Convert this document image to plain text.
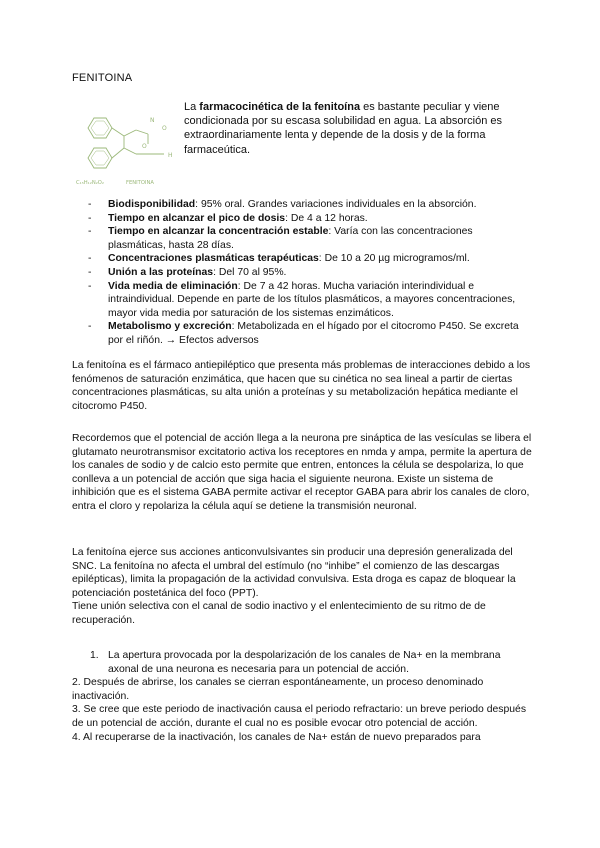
FENITOINA
N
O
H
O
C₁₅H₁₂N₂O₂	FENITOINA
La farmacocinética de la fenitoína es bastante peculiar y viene condicionada por su escasa solubilidad en agua. La absorción es extraordinariamente lenta y depende de la dosis y de la forma farmaceútica.
- Biodisponibilidad: 95% oral. Grandes variaciones individuales en la absorción.
- Tiempo en alcanzar el pico de dosis: De 4 a 12 horas.
- Tiempo en alcanzar la concentración estable: Varía con las concentraciones plasmáticas, hasta 28 días.
- Concentraciones plasmáticas terapéuticas: De 10 a 20 µg microgramos/ml.
- Unión a las proteínas: Del 70 al 95%.
- Vida media de eliminación: De 7 a 42 horas. Mucha variación interindividual e intraindividual. Depende en parte de los títulos plasmáticos, a mayores concentraciones, mayor vida media por saturación de los sistemas enzimáticos.
- Metabolismo y excreción: Metabolizada en el hígado por el citocromo P450. Se excreta por el riñón. → Efectos adversos

La fenitoína es el fármaco antiepiléptico que presenta más problemas de interacciones debido a los fenómenos de saturación enzimática, que hacen que su cinética no sea lineal a partir de ciertas concentraciones plasmáticas, su alta unión a proteínas y su metabolización hepática mediante el citocromo P450.

Recordemos que el potencial de acción llega a la neurona pre sináptica de las vesículas se libera el glutamato neurotransmisor excitatorio activa los receptores en nmda y ampa, permite la apertura de los canales de sodio y de calcio esto permite que entren, entonces la célula se despolariza, lo que conlleva a un potencial de acción que siga hacia el siguiente neurona. Existe un sistema de inhibición que es el sistema GABA permite activar el receptor GABA para abrir los canales de cloro, entra el cloro y repolariza la célula aquí se detiene la transmisión neuronal.

La fenitoína ejerce sus acciones anticonvulsivantes sin producir una depresión generalizada del SNC. La fenitoína no afecta el umbral del estímulo (no “inhibe” el comienzo de las descargas epilépticas), limita la propagación de la actividad convulsiva. Esta droga es capaz de bloquear la potenciación postetánica del foco (PPT).

Tiene unión selectiva con el canal de sodio inactivo y el enlentecimiento de su ritmo de de recuperación.

1. La apertura provocada por la despolarización de los canales de Na+ en la membrana axonal de una neurona es necesaria para un potencial de acción.

2. Después de abrirse, los canales se cierran espontáneamente, un proceso denominado inactivación.

3. Se cree que este periodo de inactivación causa el periodo refractario: un breve periodo después de un potencial de acción, durante el cual no es posible evocar otro potencial de acción.

4. Al recuperarse de la inactivación, los canales de Na+ están de nuevo preparados para
